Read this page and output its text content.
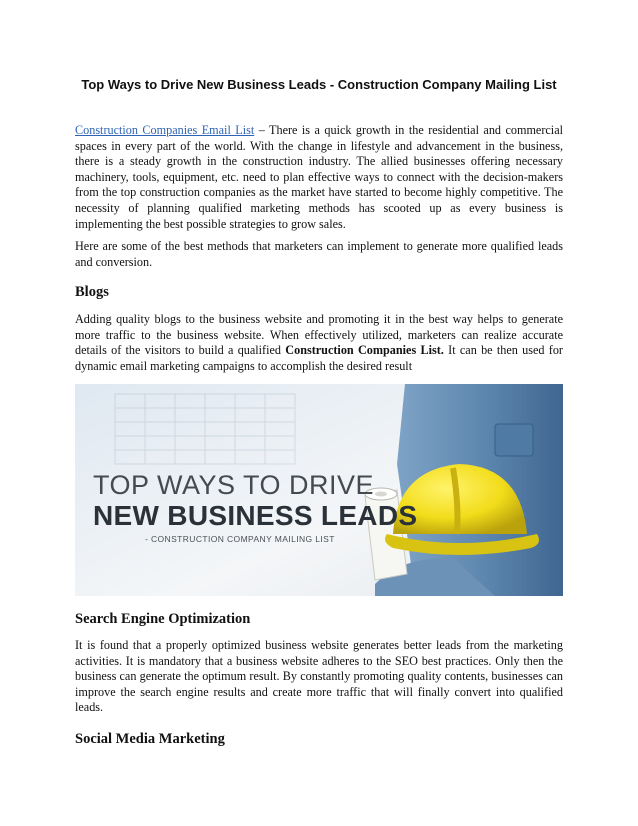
Top Ways to Drive New Business Leads - Construction Company Mailing List

Construction Companies Email List – There is a quick growth in the residential and commercial spaces in every part of the world. With the change in lifestyle and advancement in the business, there is a steady growth in the construction industry. The allied businesses offering necessary machinery, tools, equipment, etc. need to plan effective ways to connect with the decision-makers from the top construction companies as the market have started to become highly competitive. The necessity of planning qualified marketing methods has scooted up as every business is implementing the best possible strategies to grow sales.

Here are some of the best methods that marketers can implement to generate more qualified leads and conversion.

Blogs

Adding quality blogs to the business website and promoting it in the best way helps to generate more traffic to the business website. When effectively utilized, marketers can realize accurate details of the visitors to build a qualified Construction Companies List. It can be then used for dynamic email marketing campaigns to accomplish the desired result

TOP WAYS TO DRIVE
NEW BUSINESS LEADS
- CONSTRUCTION COMPANY MAILING LIST
Search Engine Optimization

It is found that a properly optimized business website generates better leads from the marketing activities. It is mandatory that a business website adheres to the SEO best practices. Only then the business can generate the optimum result. By constantly promoting quality contents, businesses can improve the search engine results and create more traffic that will finally convert into qualified leads.

Social Media Marketing
